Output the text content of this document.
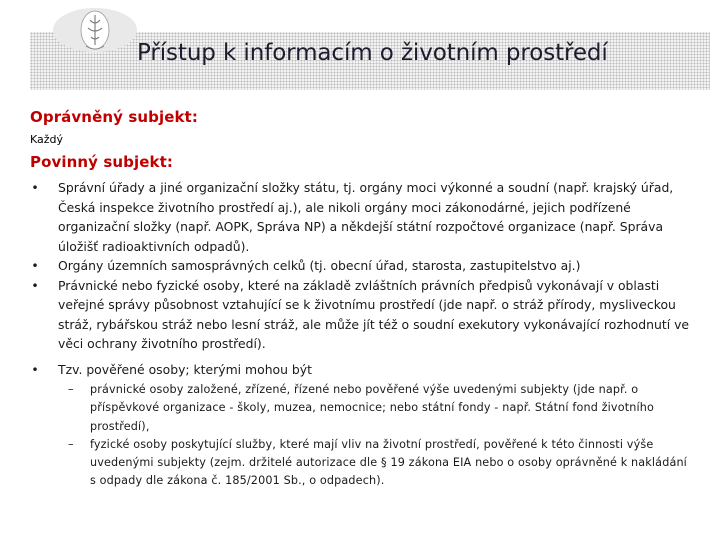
Přístup k informacím o životním prostředí
Oprávněný subjekt:

Každý

Povinný subjekt:
• Správní úřady a jiné organizační složky státu, tj. orgány moci výkonné a soudní (např. krajský úřad, Česká inspekce životního prostředí aj.), ale nikoli orgány moci zákonodárné, jejich podřízené organizační složky (např. AOPK, Správa NP) a někdejší státní rozpočtové organizace (např. Správa úložišť radioaktivních odpadů).
• Orgány územních samosprávných celků (tj. obecní úřad, starosta, zastupitelstvo aj.)
• Právnické nebo fyzické osoby, které na základě zvláštních právních předpisů vykonávají v oblasti veřejné správy působnost vztahující se k životnímu prostředí (jde např. o stráž přírody, mysliveckou stráž, rybářskou stráž nebo lesní stráž, ale může jít též o soudní exekutory vykonávající rozhodnutí ve věci ochrany životního prostředí).
• Tzv. pověřené osoby; kterými mohou být
– právnické osoby založené, zřízené, řízené nebo pověřené výše uvedenými subjekty (jde např. o příspěvkové organizace - školy, muzea, nemocnice; nebo státní fondy - např. Státní fond životního prostředí),
– fyzické osoby poskytující služby, které mají vliv na životní prostředí, pověřené k této činnosti výše uvedenými subjekty (zejm. držitelé autorizace dle § 19 zákona EIA nebo o osoby oprávněné k nakládání s odpady dle zákona č. 185/2001 Sb., o odpadech).
